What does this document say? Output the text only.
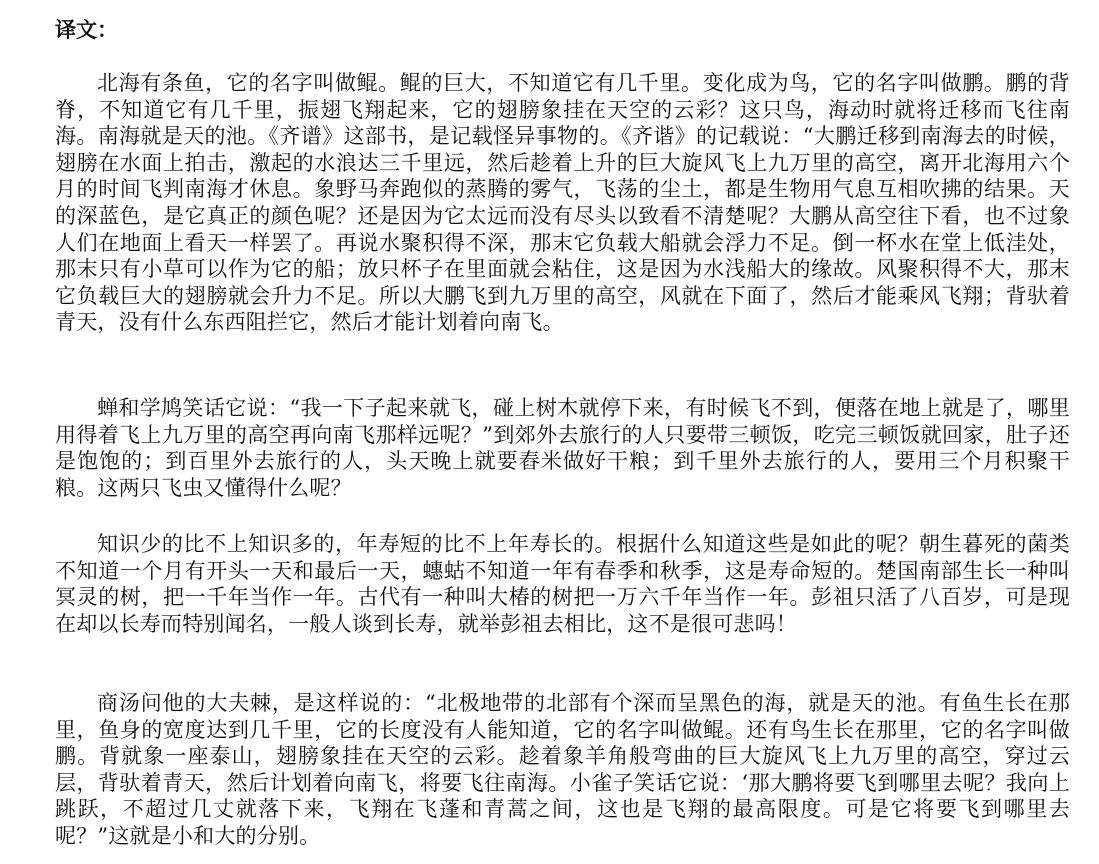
译文：

北海有条鱼，它的名字叫做鲲。鲲的巨大，不知道它有几千里。变化成为鸟，它的名字叫做鹏。鹏的背脊，不知道它有几千里，振翅飞翔起来，它的翅膀象挂在天空的云彩？这只鸟，海动时就将迁移而飞往南海。南海就是天的池。《齐谱》这部书，是记载怪异事物的。《齐谐》的记载说：“大鹏迁移到南海去的时候，翅膀在水面上拍击，激起的水浪达三千里远，然后趁着上升的巨大旋风飞上九万里的高空，离开北海用六个月的时间飞判南海才休息。象野马奔跑似的蒸腾的雾气，飞荡的尘土，都是生物用气息互相吹拂的结果。天的深蓝色，是它真正的颜色呢？还是因为它太远而没有尽头以致看不清楚呢？大鹏从高空往下看，也不过象人们在地面上看天一样罢了。再说水聚积得不深，那末它负载大船就会浮力不足。倒一杯水在堂上低洼处，那末只有小草可以作为它的船；放只杯子在里面就会粘住，这是因为水浅船大的缘故。风聚积得不大，那末它负载巨大的翅膀就会升力不足。所以大鹏飞到九万里的高空，风就在下面了，然后才能乘风飞翔；背驮着青天，没有什么东西阻拦它，然后才能计划着向南飞。

蝉和学鸠笑话它说：“我一下子起来就飞，碰上树木就停下来，有时候飞不到，便落在地上就是了，哪里用得着飞上九万里的高空再向南飞那样远呢？”到郊外去旅行的人只要带三顿饭，吃完三顿饭就回家，肚子还是饱饱的；到百里外去旅行的人，头天晚上就要舂米做好干粮；到千里外去旅行的人，要用三个月积聚干粮。这两只飞虫又懂得什么呢？

知识少的比不上知识多的，年寿短的比不上年寿长的。根据什么知道这些是如此的呢？朝生暮死的菌类不知道一个月有开头一天和最后一天，蟪蛄不知道一年有春季和秋季，这是寿命短的。楚国南部生长一种叫冥灵的树，把一千年当作一年。古代有一种叫大椿的树把一万六千年当作一年。彭祖只活了八百岁，可是现在却以长寿而特别闻名，一般人谈到长寿，就举彭祖去相比，这不是很可悲吗！

商汤问他的大夫棘，是这样说的：“北极地带的北部有个深而呈黑色的海，就是天的池。有鱼生长在那里，鱼身的宽度达到几千里，它的长度没有人能知道，它的名字叫做鲲。还有鸟生长在那里，它的名字叫做鹏。背就象一座泰山，翅膀象挂在天空的云彩。趁着象羊角般弯曲的巨大旋风飞上九万里的高空，穿过云层，背驮着青天，然后计划着向南飞，将要飞往南海。小雀子笑话它说：‘那大鹏将要飞到哪里去呢？我向上跳跃，不超过几丈就落下来，飞翔在飞蓬和青蒿之间，这也是飞翔的最高限度。可是它将要飞到哪里去呢？”这就是小和大的分别。
